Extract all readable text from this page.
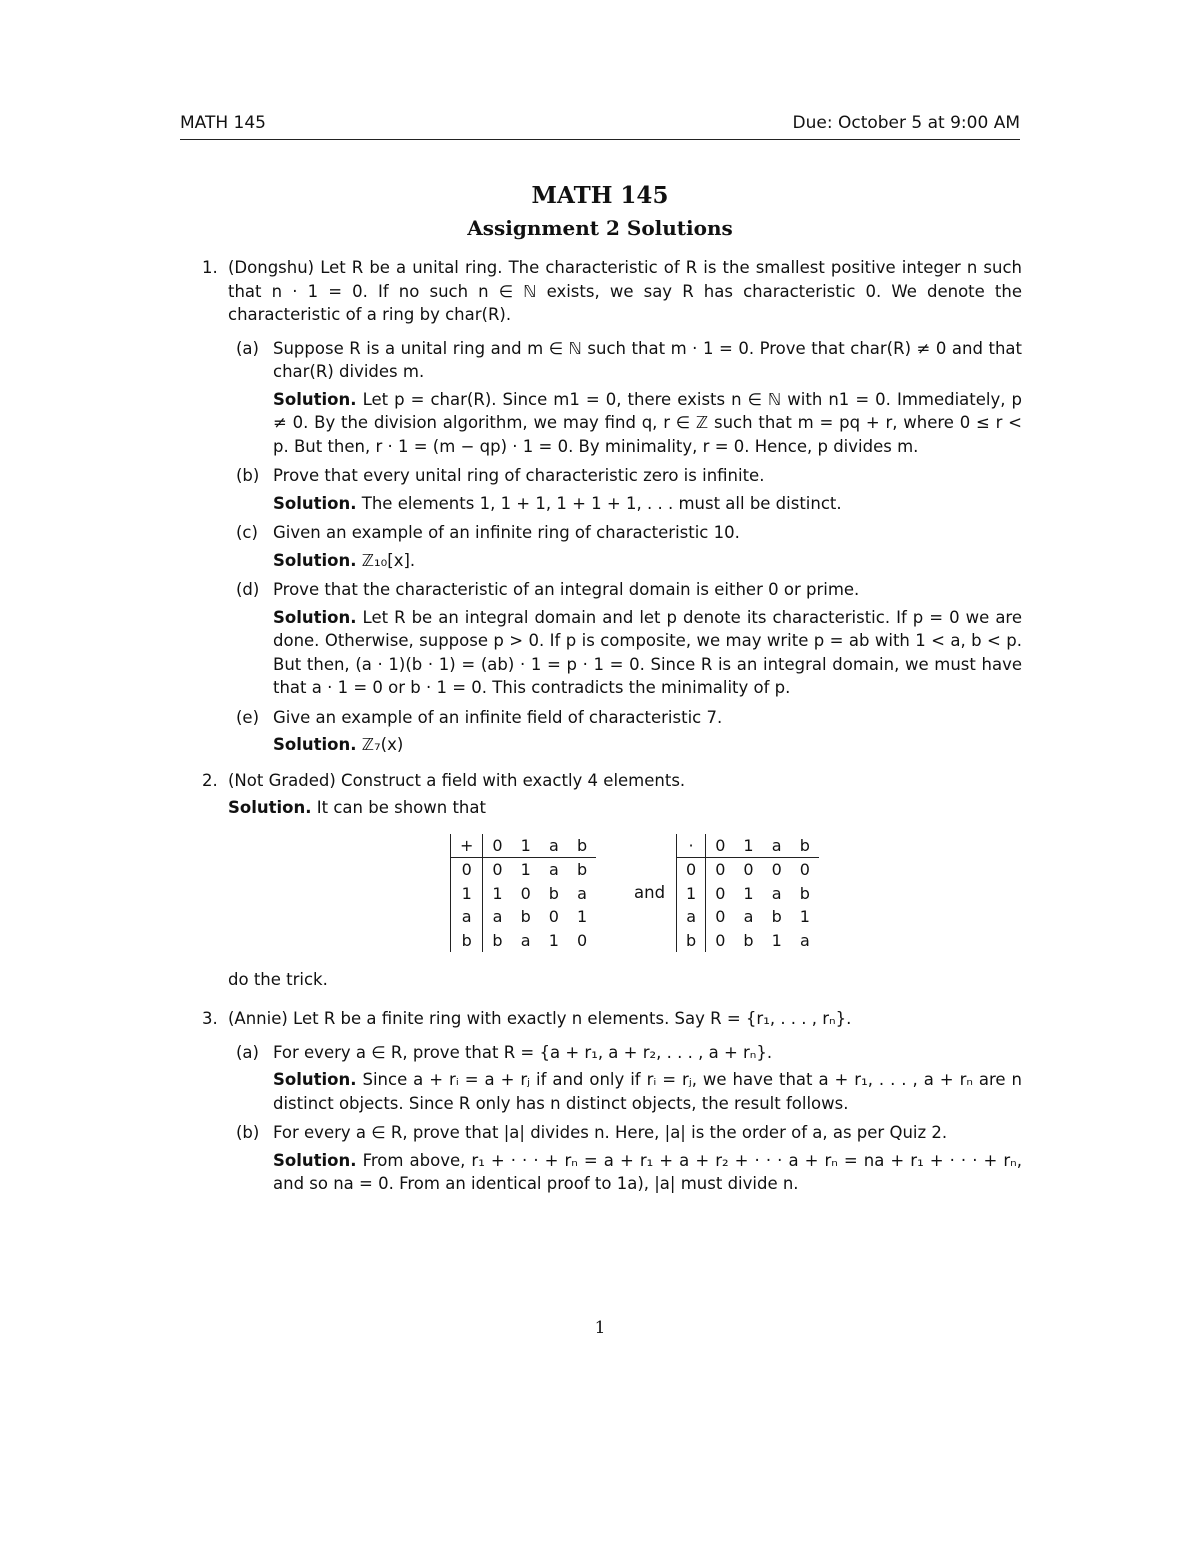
MATH 145	Due: October 5 at 9:00 AM
MATH 145
Assignment 2 Solutions
1. (Dongshu) Let R be a unital ring. The characteristic of R is the smallest positive integer n such that n · 1 = 0. If no such n ∈ ℕ exists, we say R has characteristic 0. We denote the characteristic of a ring by char(R).

(a) Suppose R is a unital ring and m ∈ ℕ such that m · 1 = 0. Prove that char(R) ≠ 0 and that char(R) divides m.

Solution. Let p = char(R). Since m1 = 0, there exists n ∈ ℕ with n1 = 0. Immediately, p ≠ 0. By the division algorithm, we may find q, r ∈ ℤ such that m = pq + r, where 0 ≤ r < p. But then, r · 1 = (m − qp) · 1 = 0. By minimality, r = 0. Hence, p divides m.

(b) Prove that every unital ring of characteristic zero is infinite.

Solution. The elements 1, 1 + 1, 1 + 1 + 1, . . . must all be distinct.

(c) Given an example of an infinite ring of characteristic 10.

Solution. ℤ₁₀[x].

(d) Prove that the characteristic of an integral domain is either 0 or prime.

Solution. Let R be an integral domain and let p denote its characteristic. If p = 0 we are done. Otherwise, suppose p > 0. If p is composite, we may write p = ab with 1 < a, b < p. But then, (a · 1)(b · 1) = (ab) · 1 = p · 1 = 0. Since R is an integral domain, we must have that a · 1 = 0 or b · 1 = 0. This contradicts the minimality of p.

(e) Give an example of an infinite field of characteristic 7.

Solution. ℤ₇(x)

2. (Not Graded) Construct a field with exactly 4 elements.

Solution. It can be shown that

+	0	1	a	b
0	0	1	a	b
1	1	0	b	a
a	a	b	0	1
b	b	a	1	0
and
·	0	1	a	b
0	0	0	0	0
1	0	1	a	b
a	0	a	b	1
b	0	b	1	a

do the trick.

3. (Annie) Let R be a finite ring with exactly n elements. Say R = {r₁, . . . , rₙ}.

(a) For every a ∈ R, prove that R = {a + r₁, a + r₂, . . . , a + rₙ}.

Solution. Since a + rᵢ = a + rⱼ if and only if rᵢ = rⱼ, we have that a + r₁, . . . , a + rₙ are n distinct objects. Since R only has n distinct objects, the result follows.

(b) For every a ∈ R, prove that |a| divides n. Here, |a| is the order of a, as per Quiz 2.

Solution. From above, r₁ + · · · + rₙ = a + r₁ + a + r₂ + · · · a + rₙ = na + r₁ + · · · + rₙ, and so na = 0. From an identical proof to 1a), |a| must divide n.

1
